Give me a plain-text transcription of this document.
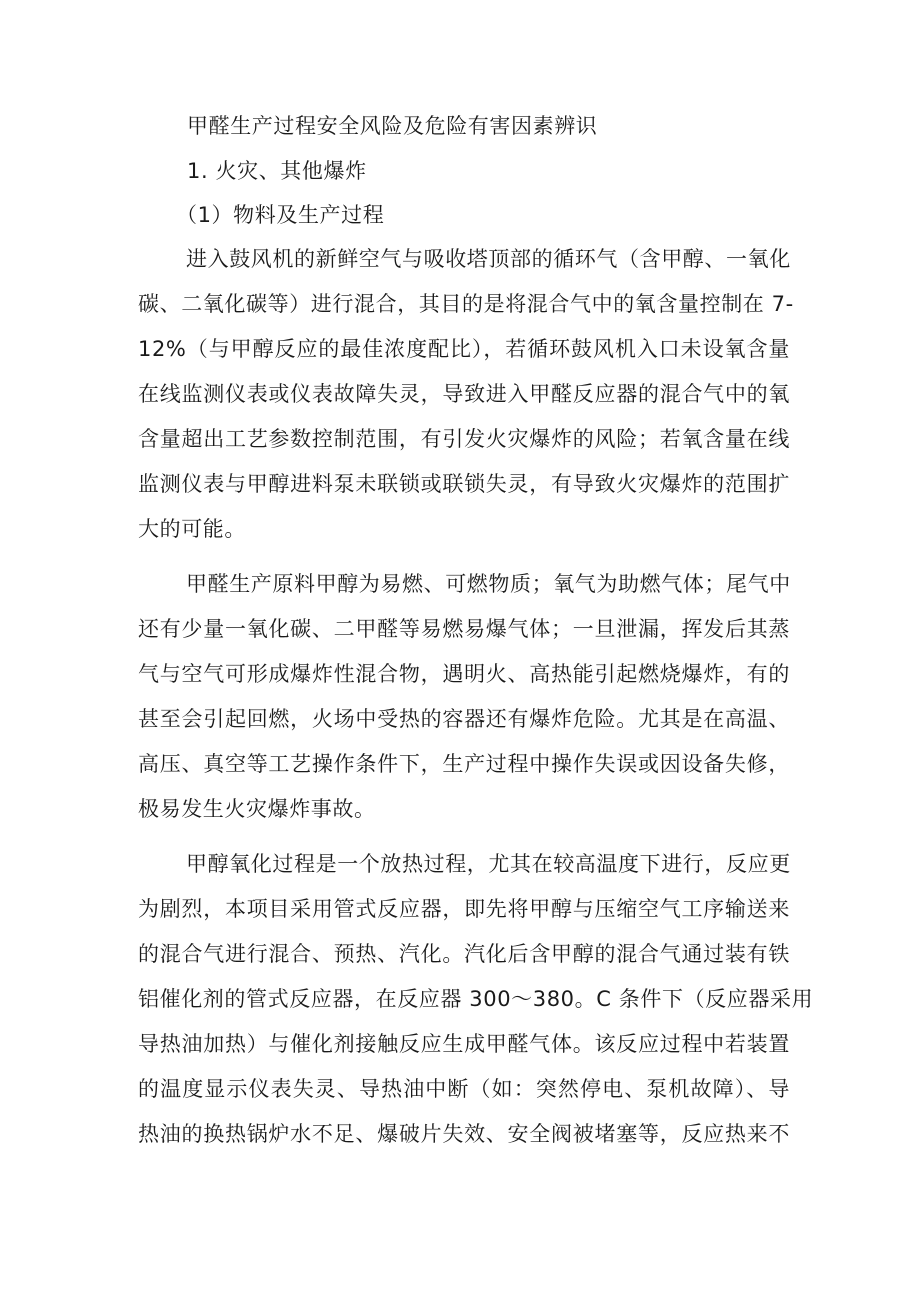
甲醛生产过程安全风险及危险有害因素辨识
1. 火灾、其他爆炸
（1）物料及生产过程
进入鼓风机的新鲜空气与吸收塔顶部的循环气（含甲醇、一氧化
碳、二氧化碳等）进行混合，其目的是将混合气中的氧含量控制在 7-
12%（与甲醇反应的最佳浓度配比），若循环鼓风机入口未设氧含量
在线监测仪表或仪表故障失灵，导致进入甲醛反应器的混合气中的氧
含量超出工艺参数控制范围，有引发火灾爆炸的风险；若氧含量在线
监测仪表与甲醇进料泵未联锁或联锁失灵，有导致火灾爆炸的范围扩
大的可能。
甲醛生产原料甲醇为易燃、可燃物质；氧气为助燃气体；尾气中
还有少量一氧化碳、二甲醛等易燃易爆气体；一旦泄漏，挥发后其蒸
气与空气可形成爆炸性混合物，遇明火、高热能引起燃烧爆炸，有的
甚至会引起回燃，火场中受热的容器还有爆炸危险。尤其是在高温、
高压、真空等工艺操作条件下，生产过程中操作失误或因设备失修，
极易发生火灾爆炸事故。
甲醇氧化过程是一个放热过程，尤其在较高温度下进行，反应更
为剧烈，本项目采用管式反应器，即先将甲醇与压缩空气工序输送来
的混合气进行混合、预热、汽化。汽化后含甲醇的混合气通过装有铁
铝催化剂的管式反应器，在反应器 300〜380。C 条件下（反应器采用
导热油加热）与催化剂接触反应生成甲醛气体。该反应过程中若装置
的温度显示仪表失灵、导热油中断（如：突然停电、泵机故障）、导
热油的换热锅炉水不足、爆破片失效、安全阀被堵塞等，反应热来不
